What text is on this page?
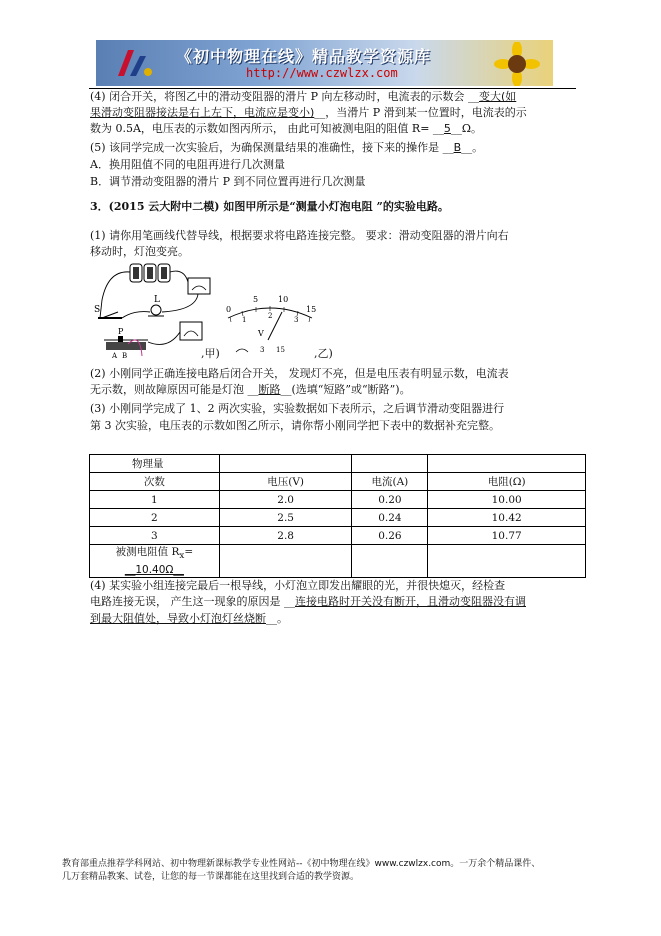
《初中物理在线》精品教学资源库
http://www.czwlzx.com
(4) 闭合开关，将图乙中的滑动变阻器的滑片 P 向左移动时，电流表的示数会 __变大(如
果滑动变阻器接法是右上左下，电流应是变小)__，当滑片 P 滑到某一位置时，电流表的示
数为 0.5A，电压表的示数如图丙所示， 由此可知被测电阻的阻值 R= __5__Ω。
(5) 该同学完成一次实验后，为确保测量结果的准确性，接下来的操作是 __B__。
A．换用阻值不同的电阻再进行几次测量
B．调节滑动变阻器的滑片 P 到不同位置再进行几次测量
3．(2015 云大附中二模) 如图甲所示是“测量小灯泡电阻 ”的实验电路。
(1) 请你用笔画线代替导线，根据要求将电路连接完整。 要求：滑动变阻器的滑片向右
移动时，灯泡变亮。
S
L
P
A B	,甲)
0
5 10
15
1	2	3
V
3 15	,乙)
(2) 小刚同学正确连接电路后闭合开关， 发现灯不亮，但是电压表有明显示数，电流表
无示数，则故障原因可能是灯泡 __断路__(选填“短路”或“断路”)。
(3) 小刚同学完成了 1、2 两次实验，实验数据如下表所示，之后调节滑动变阻器进行
第 3 次实验，电压表的示数如图乙所示，请你帮小刚同学把下表中的数据补充完整。
物理量			
次数	电压(V)	电流(A)	电阻(Ω)
1	2.0	0.20	10.00
2	2.5	0.24	10.42
3	2.8	0.26	10.77
被测电阻值 $R_x=$
__10.40Ω__			
(4) 某实验小组连接完最后一根导线，小灯泡立即发出耀眼的光，并很快熄灭，经检查
电路连接无误， 产生这一现象的原因是 __连接电路时开关没有断开，且滑动变阻器没有调
到最大阻值处，导致小灯泡灯丝烧断__。
教育部重点推荐学科网站、初中物理新课标教学专业性网站--《初中物理在线》www.czwlzx.com。一万余个精品课件、
几万套精品教案、试卷，让您的每一节课都能在这里找到合适的教学资源。
